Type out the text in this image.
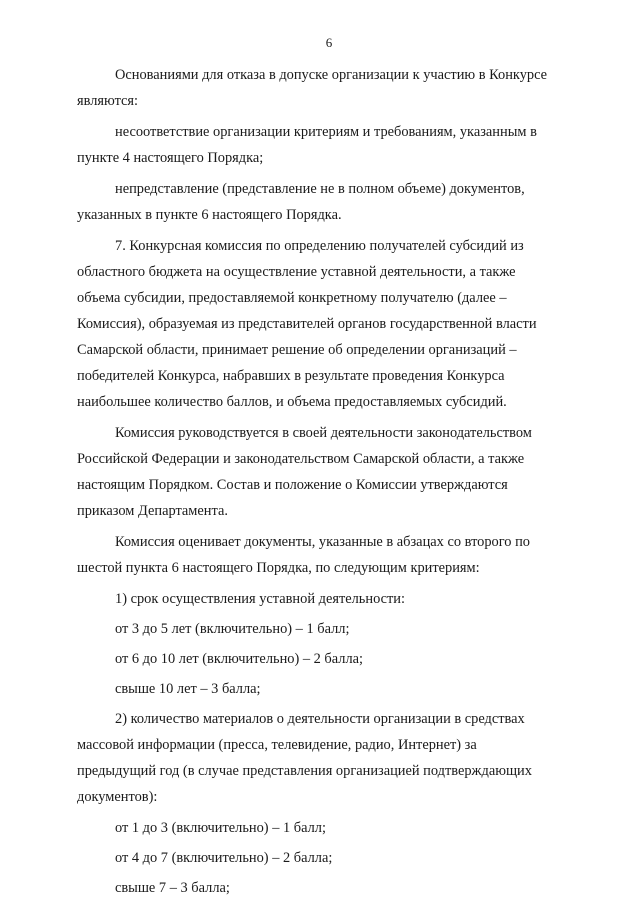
6

Основаниями для отказа в допуске организации к участию в Конкурсе
являются:

несоответствие организации критериям и требованиям, указанным в
пункте 4 настоящего Порядка;

непредставление (представление не в полном объеме) документов,
указанных в пункте 6 настоящего Порядка.

7. Конкурсная комиссия по определению получателей субсидий из
областного бюджета на осуществление уставной деятельности, а также
объема субсидии, предоставляемой конкретному получателю (далее –
Комиссия), образуемая из представителей органов государственной власти
Самарской области, принимает решение об определении организаций –
победителей Конкурса, набравших в результате проведения Конкурса
наибольшее количество баллов, и объема предоставляемых субсидий.

Комиссия руководствуется в своей деятельности законодательством
Российской Федерации и законодательством Самарской области, а также
настоящим Порядком. Состав и положение о Комиссии утверждаются
приказом Департамента.

Комиссия оценивает документы, указанные в абзацах со второго по
шестой пункта 6 настоящего Порядка, по следующим критериям:

1) срок осуществления уставной деятельности:

от 3 до 5 лет (включительно) – 1 балл;

от 6 до 10 лет (включительно) – 2 балла;

свыше 10 лет – 3 балла;

2) количество материалов о деятельности организации в средствах
массовой информации (пресса, телевидение, радио, Интернет) за
предыдущий год (в случае представления организацией подтверждающих
документов):

от 1 до 3 (включительно) – 1 балл;

от 4 до 7 (включительно) – 2 балла;

свыше 7 – 3 балла;
